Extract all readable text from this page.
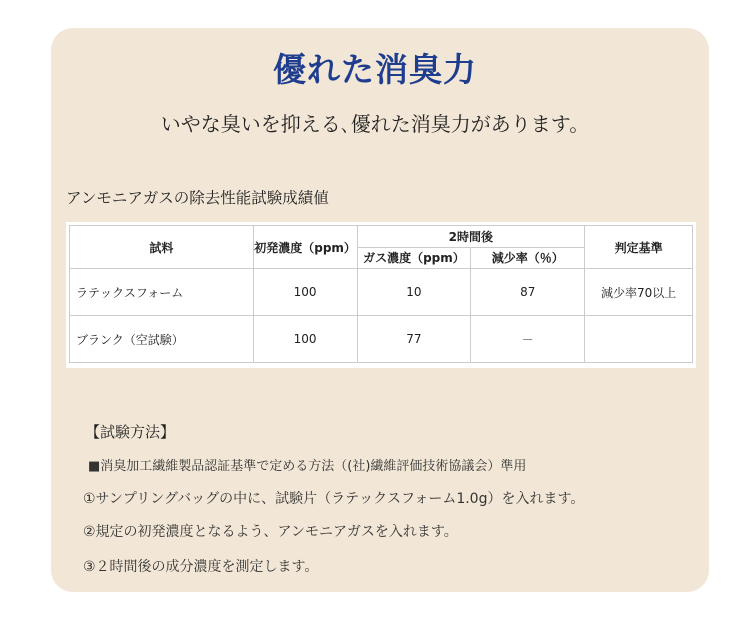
優れた消臭力
いやな臭いを抑える､優れた消臭力があります。
アンモニアガスの除去性能試験成績値
試料	初発濃度（ppm）	2時間後		判定基準
		ガス濃度（ppm）	減少率（％）	
ラテックスフォーム	100	10	87	減少率70以上
ブランク（空試験）	100	77	－	
【試験方法】
■消臭加工繊維製品認証基準で定める方法（(社)繊維評価技術協議会）準用
①サンプリングバッグの中に、試験片（ラテックスフォーム1.0g）を入れます。
②規定の初発濃度となるよう、アンモニアガスを入れます。
③２時間後の成分濃度を測定します。
